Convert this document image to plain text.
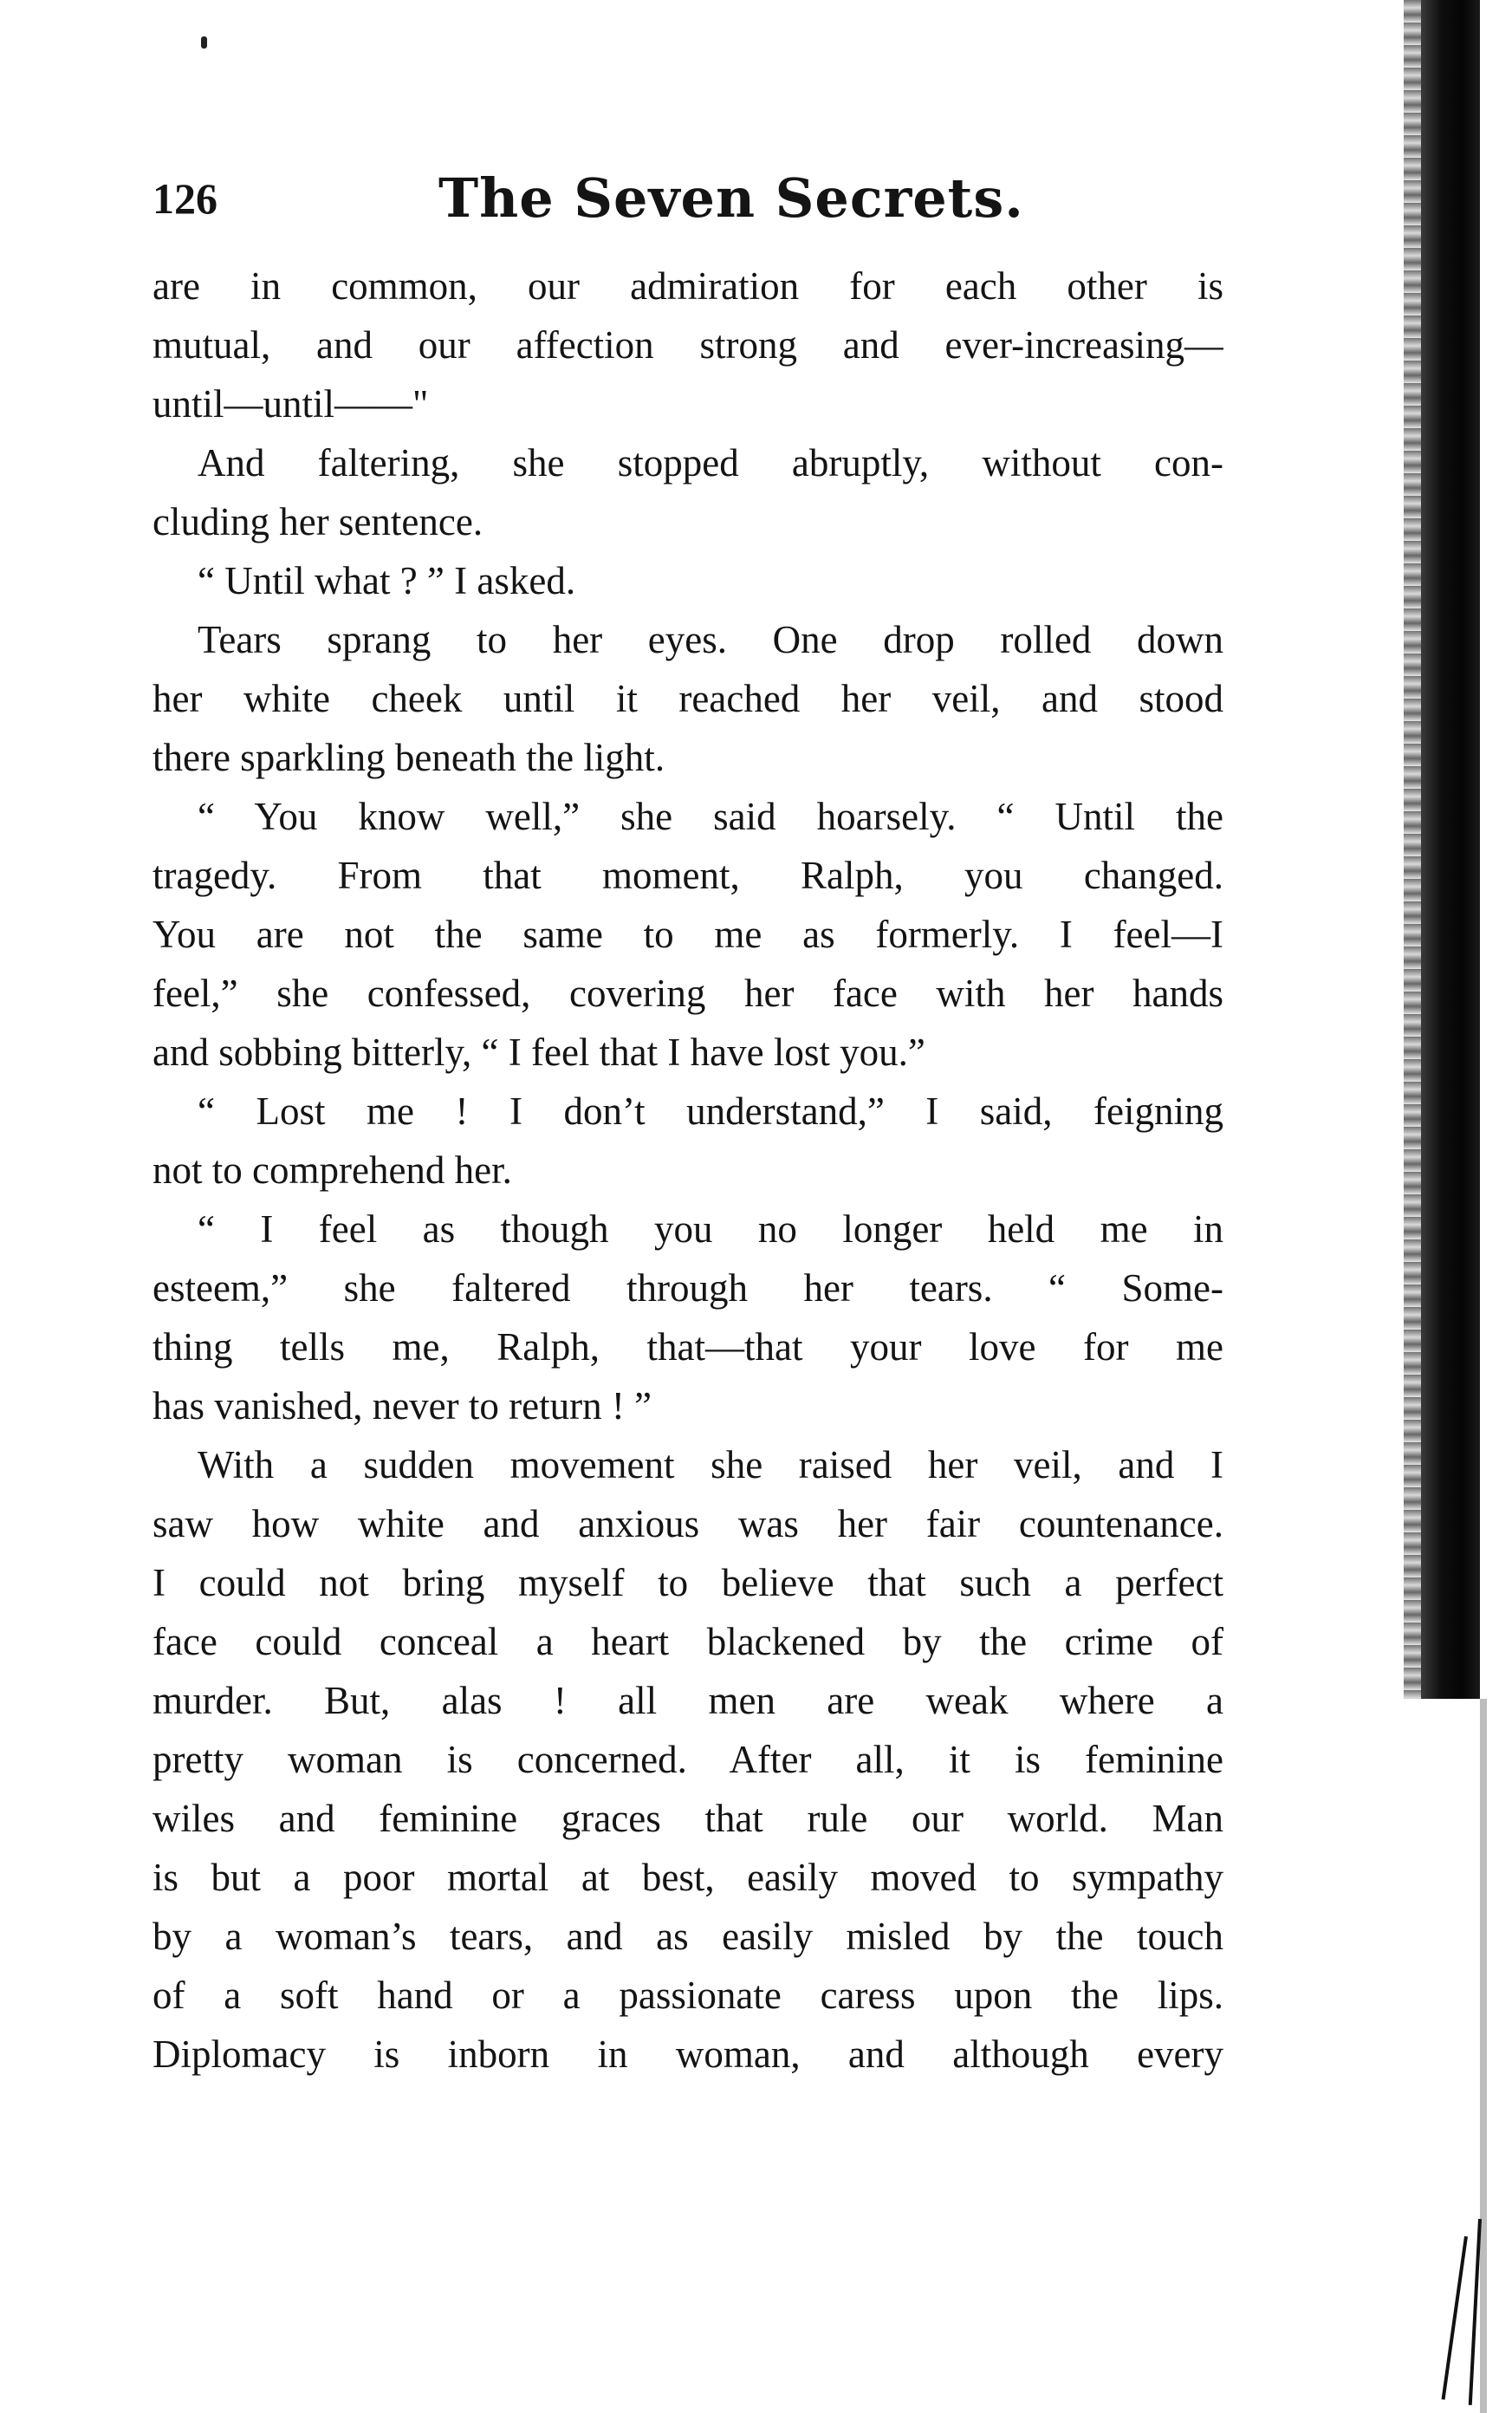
126	The Seven Secrets.
are in common, our admiration for each other is
mutual, and our affection strong and ever-increasing—
until—until——"
And faltering, she stopped abruptly, without con-
cluding her sentence.
“ Until what ? ” I asked.
Tears sprang to her eyes. One drop rolled down
her white cheek until it reached her veil, and stood
there sparkling beneath the light.
“ You know well,” she said hoarsely. “ Until the
tragedy. From that moment, Ralph, you changed.
You are not the same to me as formerly. I feel—I
feel,” she confessed, covering her face with her hands
and sobbing bitterly, “ I feel that I have lost you.”
“ Lost me ! I don’t understand,” I said, feigning
not to comprehend her.
“ I feel as though you no longer held me in
esteem,” she faltered through her tears. “ Some-
thing tells me, Ralph, that—that your love for me
has vanished, never to return ! ”
With a sudden movement she raised her veil, and I
saw how white and anxious was her fair countenance.
I could not bring myself to believe that such a perfect
face could conceal a heart blackened by the crime of
murder. But, alas ! all men are weak where a
pretty woman is concerned. After all, it is feminine
wiles and feminine graces that rule our world. Man
is but a poor mortal at best, easily moved to sympathy
by a woman’s tears, and as easily misled by the touch
of a soft hand or a passionate caress upon the lips.
Diplomacy is inborn in woman, and although every
